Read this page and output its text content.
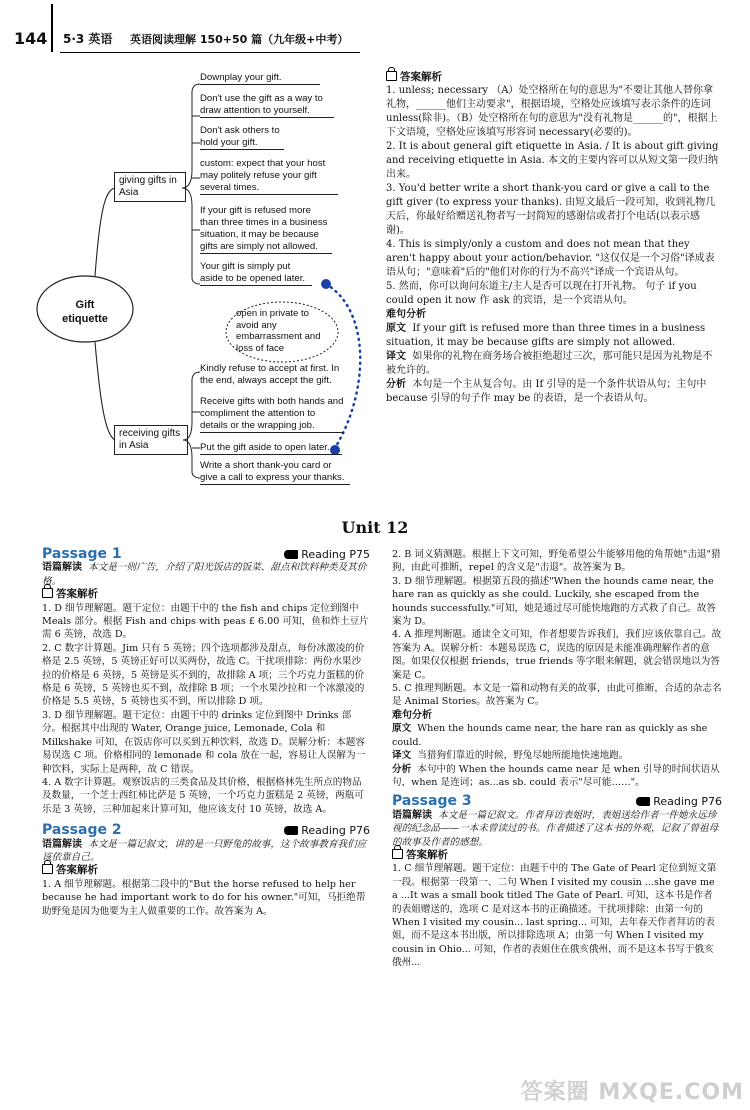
144 5·3 英语 英语阅读理解 150+50 篇（九年级+中考）
Gift etiquette
giving gifts in Asia
Downplay your gift.
Don't use the gift as a way to draw attention to yourself.
Don't ask others to hold your gift.
custom: expect that your host may politely refuse your gift several times.
If your gift is refused more than three times in a business situation, it may be because gifts are simply not allowed.
Your gift is simply put aside to be opened later.
open in private to avoid any embarrassment and loss of face
receiving gifts in Asia
Kindly refuse to accept at first. In the end, always accept the gift.
Receive gifts with both hands and compliment the attention to details or the wrapping job.
Put the gift aside to open later.
Write a short thank-you card or give a call to express your thanks.

答案解析

1. unless; necessary （A）处空格所在句的意思为"不要让其他人替你拿礼物，______他们主动要求"，根据语境，空格处应该填写表示条件的连词 unless(除非)。（B）处空格所在句的意思为"没有礼物是______的"，根据上下文语境，空格处应该填写形容词 necessary(必要的)。

2. It is about general gift etiquette in Asia. / It is about gift giving and receiving etiquette in Asia. 本文的主要内容可以从短文第一段归纳出来。

3. You'd better write a short thank-you card or give a call to the gift giver (to express your thanks). 由短文最后一段可知，收到礼物几天后，你最好给赠送礼物者写一封简短的感谢信或者打个电话(以表示感谢)。

4. This is simply/only a custom and does not mean that they aren't happy about your action/behavior. "这仅仅是一个习俗"译成表语从句；"意味着"后的"他们对你的行为不高兴"译成一个宾语从句。

5. 然而，你可以询问东道主/主人是否可以现在打开礼物。 句子 if you could open it now 作 ask 的宾语，是一个宾语从句。

难句分析

原文 If your gift is refused more than three times in a business situation, it may be because gifts are simply not allowed.

译文 如果你的礼物在商务场合被拒绝超过三次，那可能只是因为礼物是不被允许的。

分析 本句是一个主从复合句。由 If 引导的是一个条件状语从句；主句中 because 引导的句子作 may be 的表语，是一个表语从句。

Unit 12
Passage 1	Reading P75

语篇解读 本文是一则广告，介绍了阳光饭店的饭菜、甜点和饮料种类及其价格。

答案解析

1. D 细节理解题。题干定位：由题干中的 the fish and chips 定位到图中 Meals 部分。根据 Fish and chips with peas £ 6.00 可知，鱼和炸土豆片需 6 英镑，故选 D。

2. C 数字计算题。Jim 只有 5 英镑；四个选项都涉及甜点，每份冰激凌的价格是 2.5 英镑，5 英镑正好可以买两份，故选 C。干扰项排除：两份水果沙拉的价格是 6 英镑，5 英镑是买不到的，故排除 A 项；三个巧克力蛋糕的价格是 6 英镑，5 英镑也买不到，故排除 B 项；一个水果沙拉和一个冰激凌的价格是 5.5 英镑，5 英镑也买不到，所以排除 D 项。

3. D 细节理解题。题干定位：由题干中的 drinks 定位到图中 Drinks 部分。根据其中出现的 Water, Orange juice, Lemonade, Cola 和 Milkshake 可知，在饭店你可以买到五种饮料，故选 D。误解分析：本题容易误选 C 项。价格相同的 lemonade 和 cola 放在一起，容易让人误解为一种饮料，实际上是两种，故 C 错误。

4. A 数字计算题。观察饭店的三类食品及其价格，根据格林先生所点的物品及数量，一个芝士西红柿比萨是 5 英镑，一个巧克力蛋糕是 2 英镑，两瓶可乐是 3 英镑，三种加起来计算可知，他应该支付 10 英镑，故选 A。

Passage 2	Reading P76

语篇解读 本文是一篇记叙文，讲的是一只野兔的故事，这个故事教育我们应该依靠自己。

答案解析

1. A 细节理解题。根据第二段中的"But the horse refused to help her because he had important work to do for his owner."可知，马拒绝帮助野兔是因为他要为主人做重要的工作。故答案为 A。

2. B 词义猜测题。根据上下文可知，野兔希望公牛能够用他的角帮她"击退"猎狗，由此可推断，repel 的含义是"击退"。故答案为 B。

3. D 细节理解题。根据第五段的描述"When the hounds came near, the hare ran as quickly as she could. Luckily, she escaped from the hounds successfully."可知，她是通过尽可能快地跑的方式救了自己。故答案为 D。

4. A 推理判断题。通读全文可知，作者想要告诉我们，我们应该依靠自己。故答案为 A。误解分析：本题易误选 C，误选的原因是未能准确理解作者的意图。如果仅仅根据 friends，true friends 等字眼来解题，就会错误地以为答案是 C。

5. C 推理判断题。本文是一篇和动物有关的故事，由此可推断，合适的杂志名是 Animal Stories。故答案为 C。

难句分析

原文 When the hounds came near, the hare ran as quickly as she could.

译文 当猎狗们靠近的时候，野兔尽她所能地快速地跑。

分析 本句中的 When the hounds came near 是 when 引导的时间状语从句，when 是连词；as...as sb. could 表示"尽可能……"。

Passage 3	Reading P76

语篇解读 本文是一篇记叙文。作者拜访表姐时，表姐送给作者一件她永远珍视的纪念品——一本未曾读过的书。作者描述了这本书的外观，记叙了曾祖母的故事及作者的感想。

答案解析

1. C 细节理解题。题干定位：由题干中的 The Gate of Pearl 定位到短文第一段。根据第一段第一、二句 When I visited my cousin ...she gave me a ...It was a small book titled The Gate of Pearl. 可知，这本书是作者的表姐赠送的，选项 C 是对这本书的正确描述。干扰项排除：由第一句的 When I visited my cousin... last spring... 可知，去年春天作者拜访的表姐，而不是这本书出版，所以排除选项 A；由第一句 When I visited my cousin in Ohio... 可知，作者的表姐住在俄亥俄州，而不是这本书写于俄亥俄州...

答案圈 MXQE.COM
